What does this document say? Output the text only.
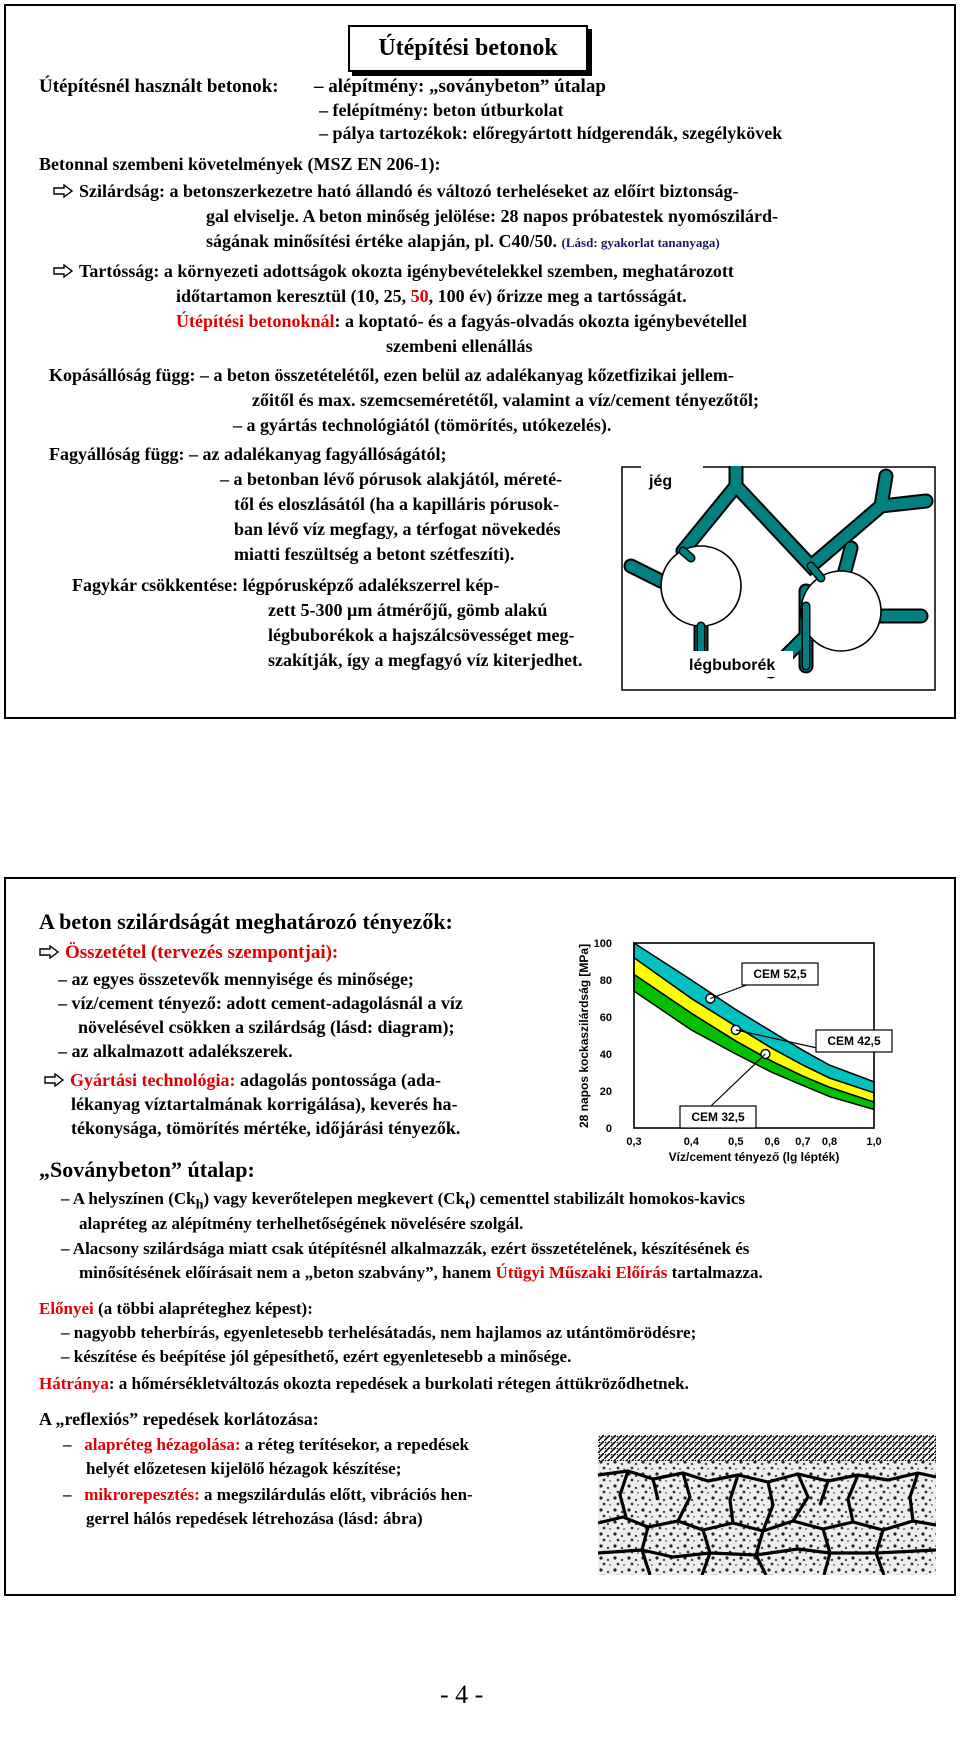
Útépítési betonok
Útépítésnél használt betonok: – alépítmény: „soványbeton” útalap
– felépítmény: beton útburkolat
– pálya tartozékok: előregyártott hídgerendák, szegélykövek
Betonnal szembeni követelmények (MSZ EN 206-1):
Szilárdság: a betonszerkezetre ható állandó és változó terheléseket az előírt biztonság-
gal elviselje. A beton minőség jelölése: 28 napos próbatestek nyomószilárd-
ságának minősítési értéke alapján, pl. C40/50. (Lásd: gyakorlat tananyaga)
Tartósság: a környezeti adottságok okozta igénybevételekkel szemben, meghatározott
időtartamon keresztül (10, 25, 50, 100 év) őrizze meg a tartósságát.
Útépítési betonoknál: a koptató- és a fagyás-olvadás okozta igénybevétellel
szembeni ellenállás
Kopásállóság függ: – a beton összetételétől, ezen belül az adalékanyag kőzetfizikai jellem-
zőitől és max. szemcseméretétől, valamint a víz/cement tényezőtől;
– a gyártás technológiától (tömörítés, utókezelés).
Fagyállóság függ: – az adalékanyag fagyállóságától;
– a betonban lévő pórusok alakjától, méreté-
től és eloszlásától (ha a kapilláris pórusok-
ban lévő víz megfagy, a térfogat növekedés
miatti feszültség a betont szétfeszíti).
Fagykár csökkentése: légpórusképző adalékszerrel kép-
zett 5-300 µm átmérőjű, gömb alakú
légbuborékok a hajszálcsövességet meg-
szakítják, így a megfagyó víz kiterjedhet.
jég
légbuborék
A beton szilárdságát meghatározó tényezők:
Összetétel (tervezés szempontjai):
– az egyes összetevők mennyisége és minősége;
– víz/cement tényező: adott cement-adagolásnál a víz
növelésével csökken a szilárdság (lásd: diagram);
– az alkalmazott adalékszerek.
Gyártási technológia: adagolás pontossága (ada-
lékanyag víztartalmának korrigálása), keverés ha-
tékonysága, tömörítés mértéke, időjárási tényezők.	28 napos kockaszilárdság [MPa]
0
20
40
60
80
100
0,3	0,4	0,5 0,6 0,7 0,8	1,0
Víz/cement tényező (lg lépték)
CEM 52,5
CEM 42,5
CEM 32,5
„Soványbeton” útalap:
– A helyszínen $(Ck_h)$ vagy keverőtelepen megkevert $(Ck_t)$ cementtel stabilizált homokos-kavics
alapréteg az alépítmény terhelhetőségének növelésére szolgál.
– Alacsony szilárdsága miatt csak útépítésnél alkalmazzák, ezért összetételének, készítésének és
minősítésének előírásait nem a „beton szabvány”, hanem Útügyi Műszaki Előírás tartalmazza.
Előnyei (a többi alapréteghez képest):
– nagyobb teherbírás, egyenletesebb terhelésátadás, nem hajlamos az utántömörödésre;
– készítése és beépítése jól gépesíthető, ezért egyenletesebb a minősége.
Hátránya: a hőmérsékletváltozás okozta repedések a burkolati rétegen áttükröződhetnek.
A „reflexiós” repedések korlátozása:
– alapréteg hézagolása: a réteg terítésekor, a repedések
helyét előzetesen kijelölő hézagok készítése;
– mikrorepesztés: a megszilárdulás előtt, vibrációs hen-
gerrel hálós repedések létrehozása (lásd: ábra)
- 4 -
